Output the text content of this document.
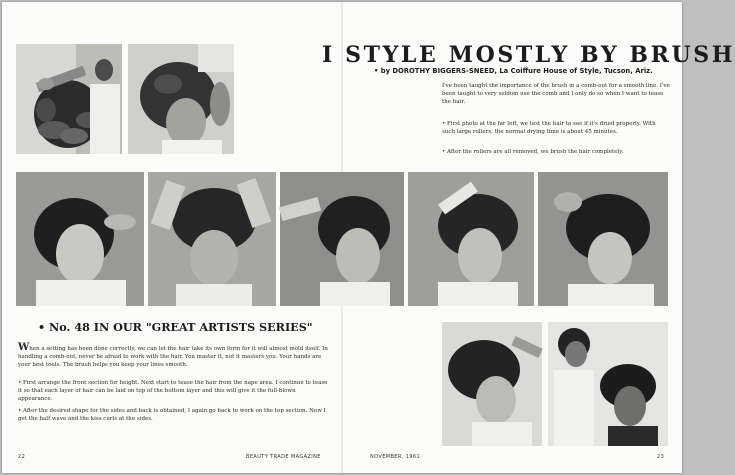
I STYLE MOSTLY BY BRUSH
• by DOROTHY BIGGERS-SNEED, La Coiffure House of Style, Tucson, Ariz.
I've been taught the importance of the brush in a comb-out for a smooth line. I've been taught to very seldom use the comb and I only do so when I want to tease the hair.
• First photo at the far left, we test the hair to see if it's dried properly. With such large rollers, the normal drying time is about 45 minutes.
• After the rollers are all removed, we brush the hair completely.
• No. 48 IN OUR "GREAT ARTISTS SERIES"
When a setting has been done correctly, we can let the hair take its own form for it will almost mold itself. In handling a comb-out, never be afraid to work with the hair. You master it, not it masters you. Your hands are your best tools. The brush helps you keep your lines smooth.
• First arrange the front section for height. Next start to tease the hair from the nape area. I continue to tease it so that each layer of hair can be laid on top of the bottom layer and this will give it the full-blown appearance.
• After the desired shape for the sides and back is obtained, I again go back to work on the top section. Now I get the half wave and the kiss curls at the sides.
22	BEAUTY TRADE MAGAZINE	NOVEMBER, 1961	23
